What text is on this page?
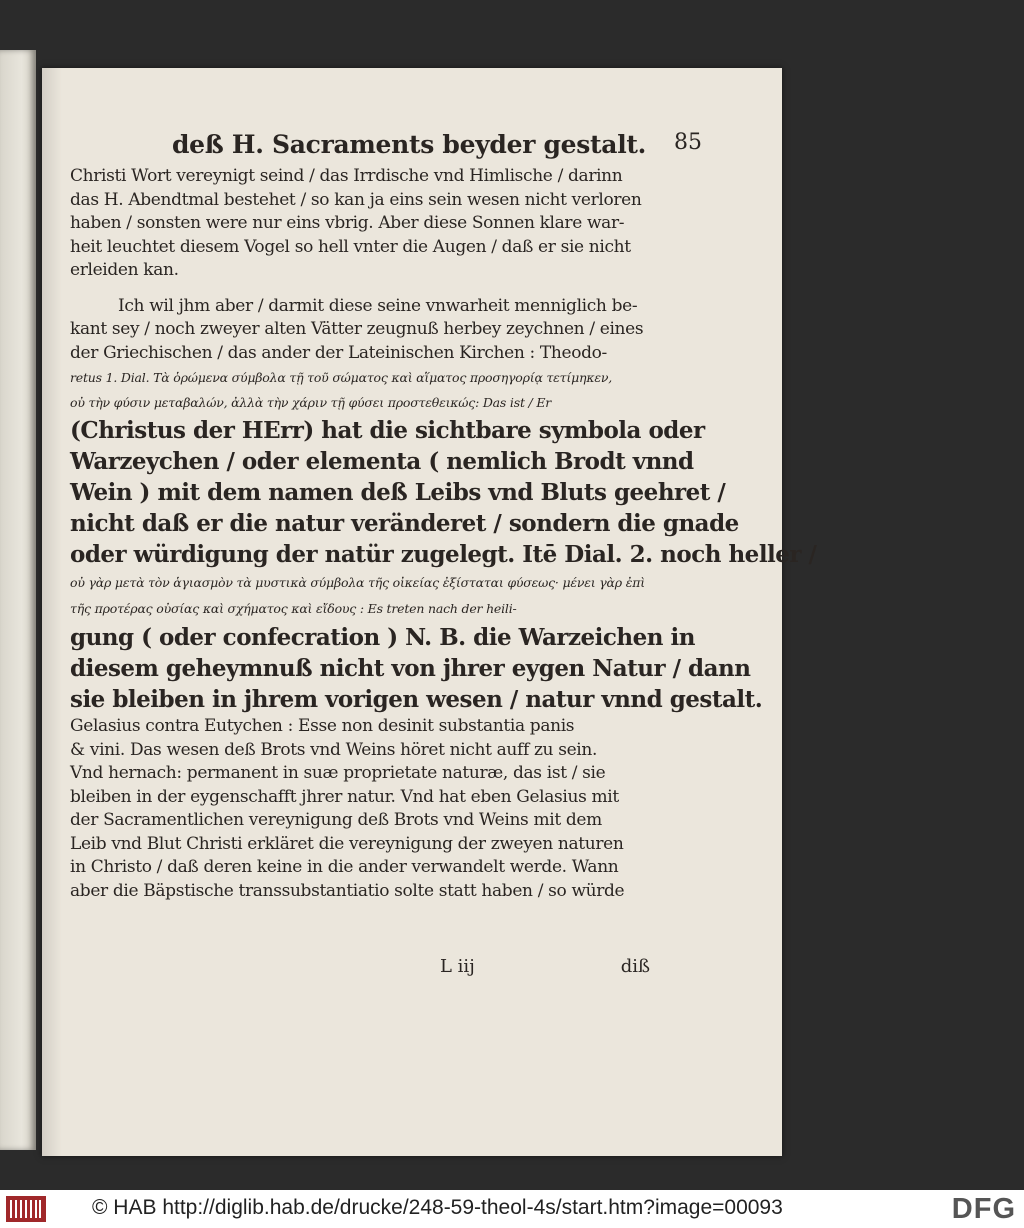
deß H. Sacraments beyder gestalt. 85
Christi Wort vereynigt seind / das Irrdische vnd Himlische / darinn
das H. Abendtmal bestehet / so kan ja eins sein wesen nicht verloren
haben / sonsten were nur eins vbrig. Aber diese Sonnen klare war-
heit leuchtet diesem Vogel so hell vnter die Augen / daß er sie nicht
erleiden kan.
Ich wil jhm aber / darmit diese seine vnwarheit menniglich be-
kant sey / noch zweyer alten Vätter zeugnuß herbey zeychnen / eines
der Griechischen / das ander der Lateinischen Kirchen : Theodo-
retus 1. Dial. Τὰ ὁρώμενα σύμβολα τῇ τοῦ σώματος καὶ αἵματος προσηγορίᾳ τετίμηκεν,
οὐ τὴν φύσιν μεταβαλών, ἀλλὰ τὴν χάριν τῇ φύσει προστεθεικώς: Das ist / Er
(Christus der HErr) hat die sichtbare symbola oder
Warzeychen / oder elementa ( nemlich Brodt vnnd
Wein ) mit dem namen deß Leibs vnd Bluts geehret /
nicht daß er die natur veränderet / sondern die gnade
oder würdigung der natür zugelegt. Itē Dial. 2. noch heller /
οὐ γὰρ μετὰ τὸν ἁγιασμὸν τὰ μυστικὰ σύμβολα τῆς οἰκείας ἐξίσταται φύσεως· μένει γὰρ ἐπὶ
τῆς προτέρας οὐσίας καὶ σχήματος καὶ εἴδους : Es treten nach der heili-
gung ( oder confecration ) N. B. die Warzeichen in
diesem geheymnuß nicht von jhrer eygen Natur / dann
sie bleiben in jhrem vorigen wesen / natur vnnd gestalt.
Gelasius contra Eutychen : Esse non desinit substantia panis
& vini. Das wesen deß Brots vnd Weins höret nicht auff zu sein.
Vnd hernach: permanent in suæ proprietate naturæ, das ist / sie
bleiben in der eygenschafft jhrer natur. Vnd hat eben Gelasius mit
der Sacramentlichen vereynigung deß Brots vnd Weins mit dem
Leib vnd Blut Christi erkläret die vereynigung der zweyen naturen
in Christo / daß deren keine in die ander verwandelt werde. Wann
aber die Bäpstische transsubstantiatio solte statt haben / so würde
L iij	diß
© HAB http://diglib.hab.de/drucke/248-59-theol-4s/start.htm?image=00093	DFG
